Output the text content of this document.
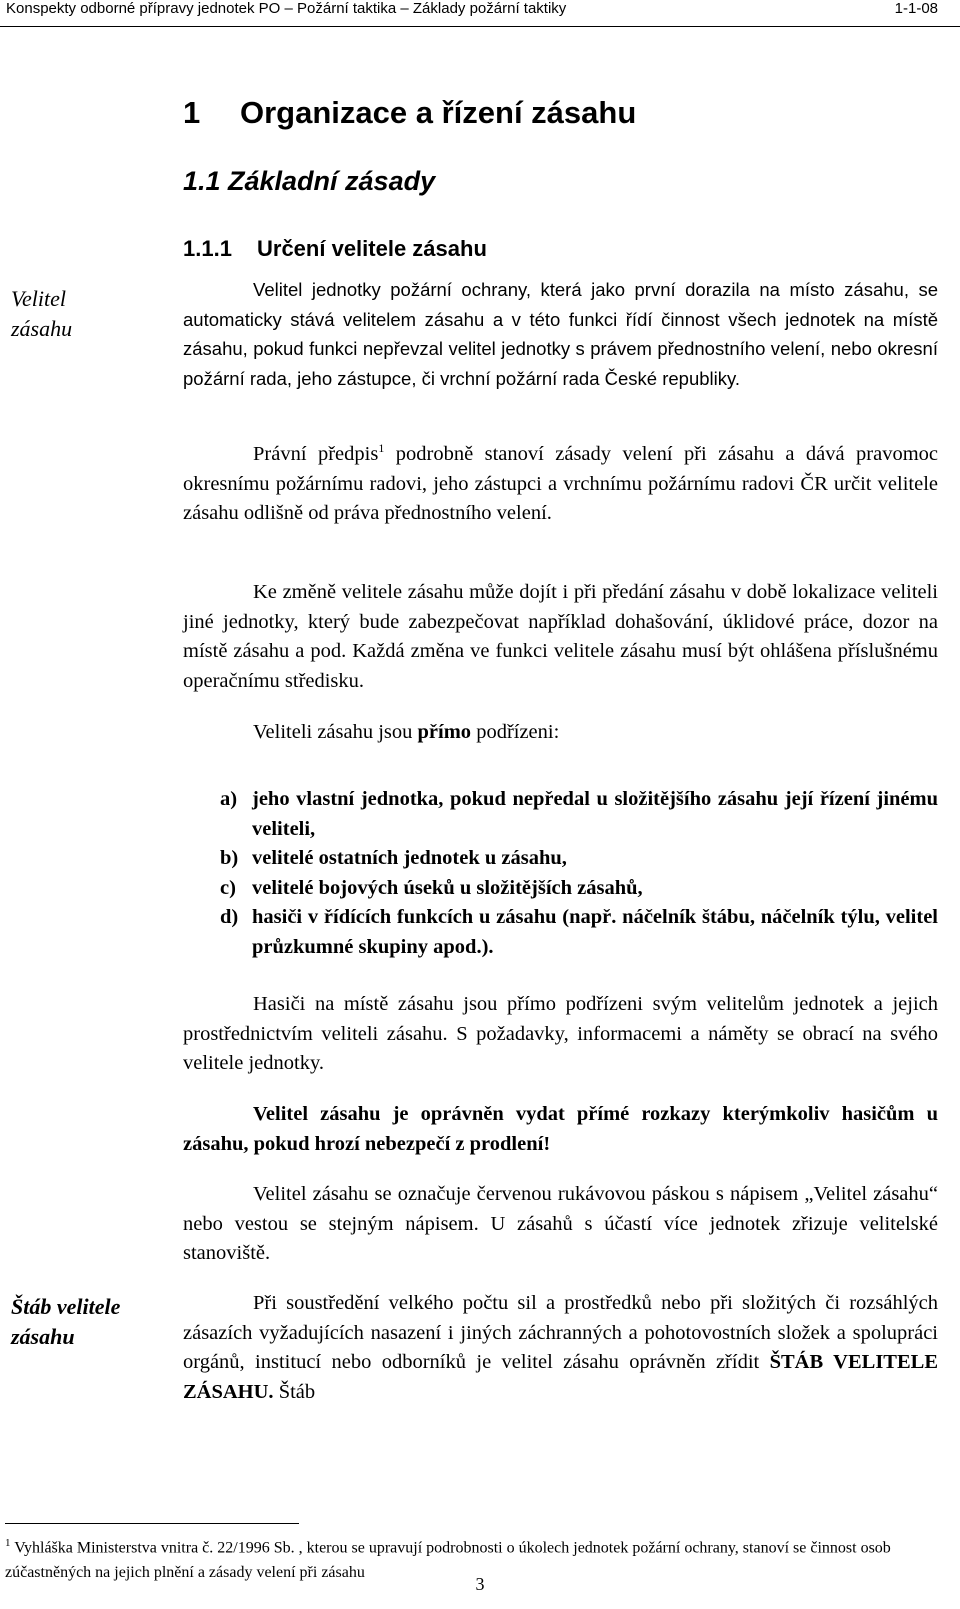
Konspekty odborné přípravy jednotek PO – Požární taktika – Základy požární taktiky	1-1-08
1 Organizace a řízení zásahu
1.1 Základní zásady
1.1.1 Určení velitele zásahu
Velitel
zásahu

Velitel jednotky požární ochrany, která jako první dorazila na místo zásahu, se automaticky stává velitelem zásahu a v této funkci řídí činnost všech jednotek na místě zásahu, pokud funkci nepřevzal velitel jednotky s právem přednostního velení, nebo okresní požární rada, jeho zástupce, či vrchní požární rada České republiky.

Právní předpis$^1$ podrobně stanoví zásady velení při zásahu a dává pravomoc okresnímu požárnímu radovi, jeho zástupci a vrchnímu požárnímu radovi ČR určit velitele zásahu odlišně od práva přednostního velení.

Ke změně velitele zásahu může dojít i při předání zásahu v době lokalizace veliteli jiné jednotky, který bude zabezpečovat například dohašování, úklidové práce, dozor na místě zásahu a pod. Každá změna ve funkci velitele zásahu musí být ohlášena příslušnému operačnímu středisku.

Veliteli zásahu jsou přímo podřízeni:

a) jeho vlastní jednotka, pokud nepředal u složitějšího zásahu její řízení jinému veliteli,
b) velitelé ostatních jednotek u zásahu,
c) velitelé bojových úseků u složitějších zásahů,
d) hasiči v řídících funkcích u zásahu (např. náčelník štábu, náčelník týlu, velitel průzkumné skupiny apod.).

Hasiči na místě zásahu jsou přímo podřízeni svým velitelům jednotek a jejich prostřednictvím veliteli zásahu. S požadavky, informacemi a náměty se obrací na svého velitele jednotky.

Velitel zásahu je oprávněn vydat přímé rozkazy kterýmkoliv hasičům u zásahu, pokud hrozí nebezpečí z prodlení!

Velitel zásahu se označuje červenou rukávovou páskou s nápisem „Velitel zásahu“ nebo vestou se stejným nápisem. U zásahů s účastí více jednotek zřizuje velitelské stanoviště.

Štáb velitele
zásahu

Při soustředění velkého počtu sil a prostředků nebo při složitých či rozsáhlých zásazích vyžadujících nasazení i jiných záchranných a pohotovostních složek a spolupráci orgánů, institucí nebo odborníků je velitel zásahu oprávněn zřídit ŠTÁB VELITELE ZÁSAHU. Štáb

$^1$ Vyhláška Ministerstva vnitra č. 22/1996 Sb. , kterou se upravují podrobnosti o úkolech jednotek požární ochrany, stanoví se činnost osob zúčastněných na jejich plnění a zásady velení při zásahu

3
